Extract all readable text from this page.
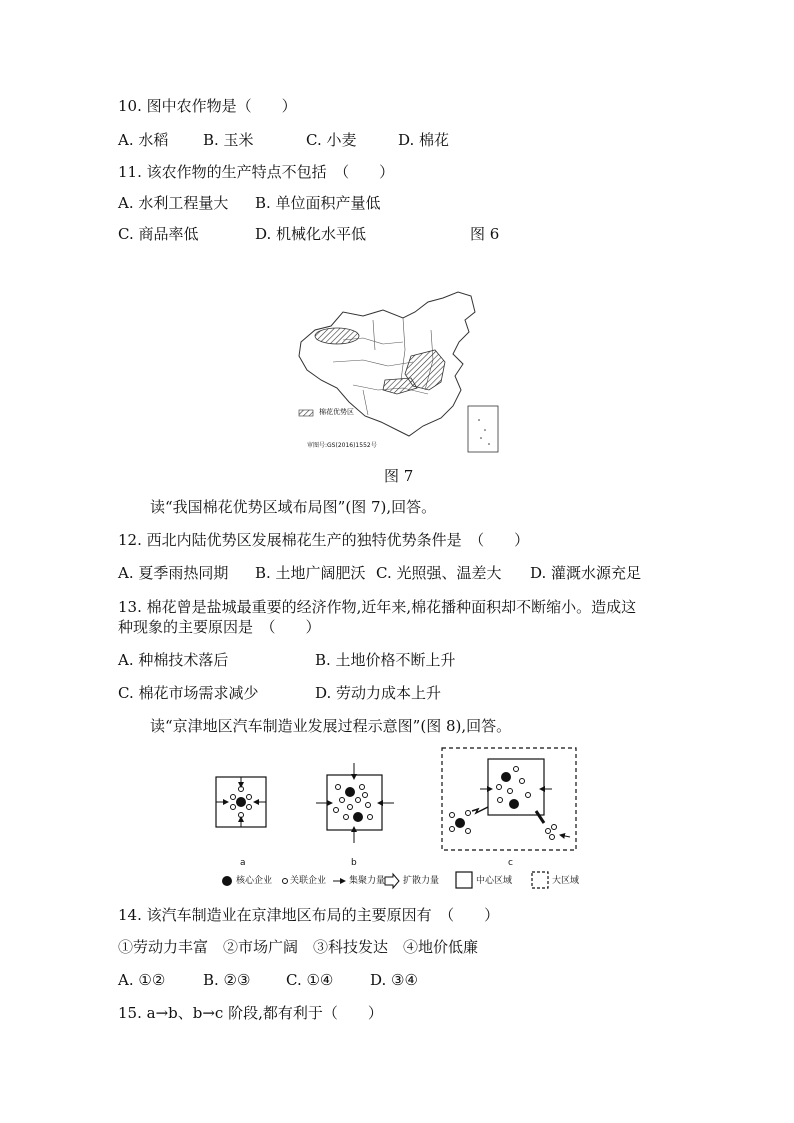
10. 图中农作物是（　　）
A. 水稻 B. 玉米	C. 小麦	D. 棉花
11. 该农作物的生产特点不包括　（　　）
A. 水利工程量大 B. 单位面积产量低
C. 商品率低	D. 机械化水平低	图 6
棉花优势区
审图号:GS(2016)1552号
图 7
读“我国棉花优势区域布局图”(图 7),回答。
12. 西北内陆优势区发展棉花生产的独特优势条件是　（　　）
A. 夏季雨热同期 B. 土地广阔肥沃 C. 光照强、温差大 D. 灌溉水源充足
13. 棉花曾是盐城最重要的经济作物,近年来,棉花播种面积却不断缩小。造成这
种现象的主要原因是　（　　）
A. 种棉技术落后	B. 土地价格不断上升
C. 棉花市场需求减少	D. 劳动力成本上升
读“京津地区汽车制造业发展过程示意图”(图 8),回答。
a	b	c
核心企业 关联企业	集聚力量 扩散力量	中心区域	大区域
14. 该汽车制造业在京津地区布局的主要原因有　（　　）
①劳动力丰富　②市场广阔　③科技发达　④地价低廉
A. ①②	B. ②③ C. ①④ D. ③④
15. a→b、b→c 阶段,都有利于（　　）
